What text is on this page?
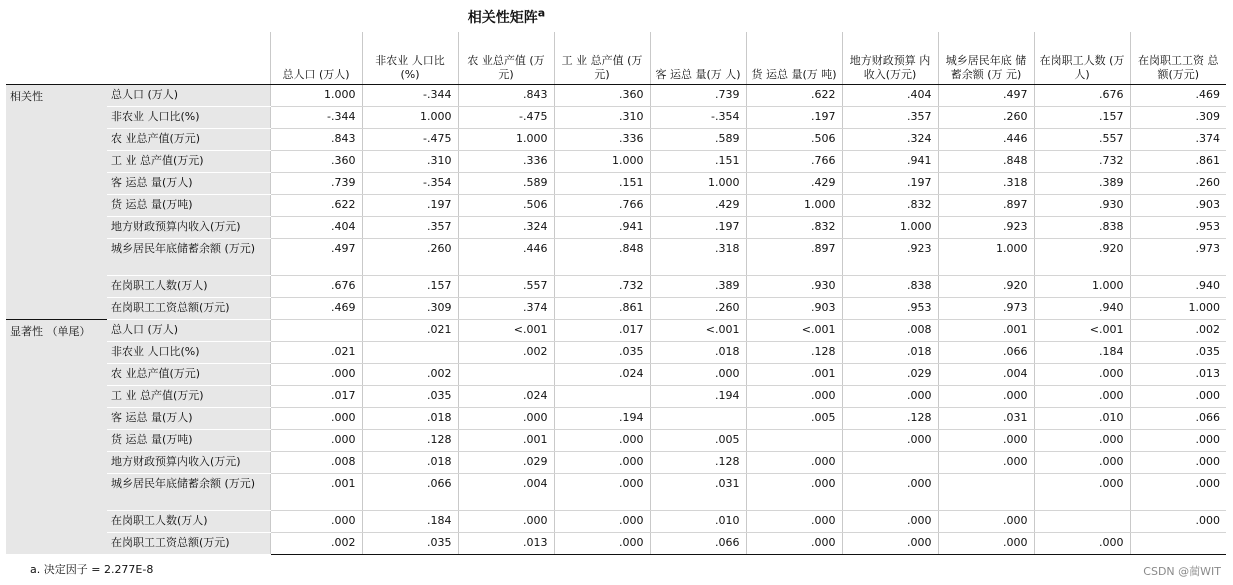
相关性矩阵$^a$
		总人口 (万人)	非农业 人口比 (%)	农 业总产值 (万元)	工 业 总产值 (万元)	客 运总 量(万 人)	货 运总 量(万 吨)	地方财政预算 内收入(万元)	城乡居民年底 储蓄余额 (万 元)	在岗职工人数 (万人)	在岗职工工资 总额(万元)
相关性	总人口 (万人)	1.000	-.344	.843	.360	.739	.622	.404	.497	.676	.469
	非农业 人口比(%)	-.344	1.000	-.475	.310	-.354	.197	.357	.260	.157	.309
	农 业总产值(万元)	.843	-.475	1.000	.336	.589	.506	.324	.446	.557	.374
	工 业 总产值(万元)	.360	.310	.336	1.000	.151	.766	.941	.848	.732	.861
	客 运总 量(万人)	.739	-.354	.589	.151	1.000	.429	.197	.318	.389	.260
	货 运总 量(万吨)	.622	.197	.506	.766	.429	1.000	.832	.897	.930	.903
	地方财政预算内收入(万元)	.404	.357	.324	.941	.197	.832	1.000	.923	.838	.953
	城乡居民年底储蓄余额 (万元)	.497	.260	.446	.848	.318	.897	.923	1.000	.920	.973
	在岗职工人数(万人)	.676	.157	.557	.732	.389	.930	.838	.920	1.000	.940
	在岗职工工资总额(万元)	.469	.309	.374	.861	.260	.903	.953	.973	.940	1.000
显著性 （单尾）	总人口 (万人)		.021	<.001	.017	<.001	<.001	.008	.001	<.001	.002
	非农业 人口比(%)	.021		.002	.035	.018	.128	.018	.066	.184	.035
	农 业总产值(万元)	.000	.002		.024	.000	.001	.029	.004	.000	.013
	工 业 总产值(万元)	.017	.035	.024		.194	.000	.000	.000	.000	.000
	客 运总 量(万人)	.000	.018	.000	.194		.005	.128	.031	.010	.066
	货 运总 量(万吨)	.000	.128	.001	.000	.005		.000	.000	.000	.000
	地方财政预算内收入(万元)	.008	.018	.029	.000	.128	.000		.000	.000	.000
	城乡居民年底储蓄余额 (万元)	.001	.066	.004	.000	.031	.000	.000		.000	.000
	在岗职工人数(万人)	.000	.184	.000	.000	.010	.000	.000	.000		.000
	在岗职工工资总额(万元)	.002	.035	.013	.000	.066	.000	.000	.000	.000	
a. 决定因子 = 2.277E-8	CSDN @蔺WIT
